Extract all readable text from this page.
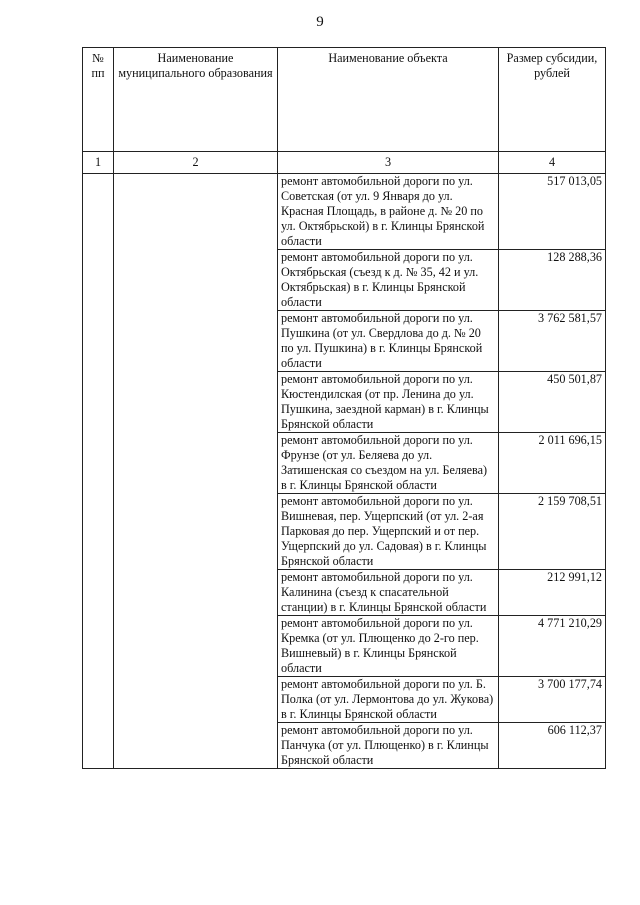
9
№ пп	Наименование муниципального образования	Наименование объекта	Размер субсидии, рублей
1	2	3	4
		ремонт автомобильной дороги по ул. Советская (от ул. 9 Января до ул. Красная Площадь, в районе д. № 20 по ул. Октябрьской) в г. Клинцы Брянской области	517 013,05
		ремонт автомобильной дороги по ул. Октябрьская (съезд к д. № 35, 42 и ул. Октябрьская) в г. Клинцы Брянской области	128 288,36
		ремонт автомобильной дороги по ул. Пушкина (от ул. Свердлова до д. № 20 по ул. Пушкина) в г. Клинцы Брянской области	3 762 581,57
		ремонт автомобильной дороги по ул. Кюстендилская (от пр. Ленина до ул. Пушкина, заездной карман) в г. Клинцы Брянской области	450 501,87
		ремонт автомобильной дороги по ул. Фрунзе (от ул. Беляева до ул. Затишенская со съездом на ул. Беляева) в г. Клинцы Брянской области	2 011 696,15
		ремонт автомобильной дороги по ул. Вишневая, пер. Ущерпский (от ул. 2-ая Парковая до пер. Ущерпский и от пер. Ущерпский до ул. Садовая) в г. Клинцы Брянской области	2 159 708,51
		ремонт автомобильной дороги по ул. Калинина (съезд к спасательной станции) в г. Клинцы Брянской области	212 991,12
		ремонт автомобильной дороги по ул. Кремка (от ул. Плющенко до 2-го пер. Вишневый) в г. Клинцы Брянской области	4 771 210,29
		ремонт автомобильной дороги по ул. Б. Полка (от ул. Лермонтова до ул. Жукова) в г. Клинцы Брянской области	3 700 177,74
		ремонт автомобильной дороги по ул. Панчука (от ул. Плющенко) в г. Клинцы Брянской области	606 112,37
